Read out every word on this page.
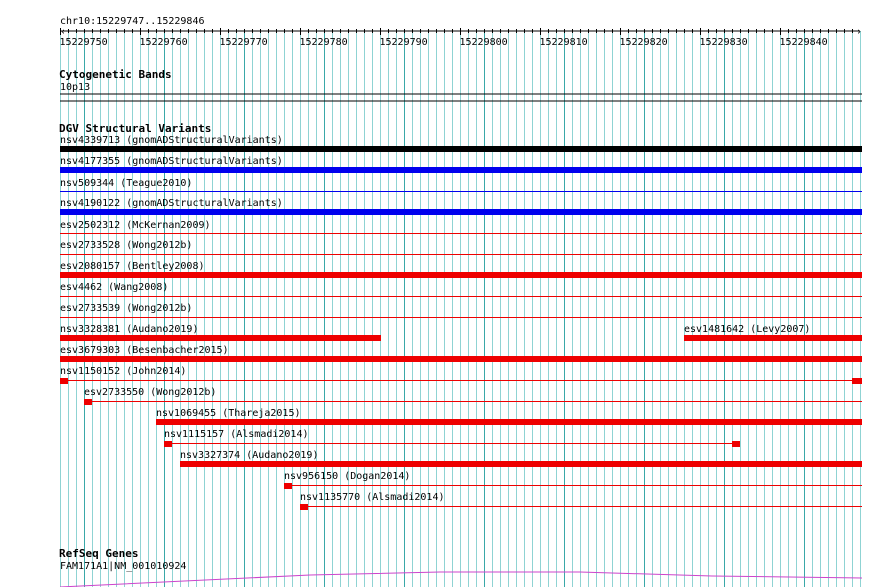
chr10:15229747..15229846
‹	›
15229750	15229760	15229770	15229780	15229790	15229800	15229810	15229820	15229830	15229840
Cytogenetic Bands
10p13
DGV Structural Variants
nsv4339713 (gnomADStructuralVariants)
nsv4177355 (gnomADStructuralVariants)
nsv509344 (Teague2010)
nsv4190122 (gnomADStructuralVariants)
esv2502312 (McKernan2009)
esv2733528 (Wong2012b)
esv2080157 (Bentley2008)
esv4462 (Wang2008)
esv2733539 (Wong2012b)
nsv3328381 (Audano2019)	esv1481642 (Levy2007)
esv3679303 (Besenbacher2015)
nsv1150152 (John2014)
esv2733550 (Wong2012b)
nsv1069455 (Thareja2015)
nsv1115157 (Alsmadi2014)
nsv3327374 (Audano2019)
nsv956150 (Dogan2014)
nsv1135770 (Alsmadi2014)
RefSeq Genes
FAM171A1|NM_001010924
